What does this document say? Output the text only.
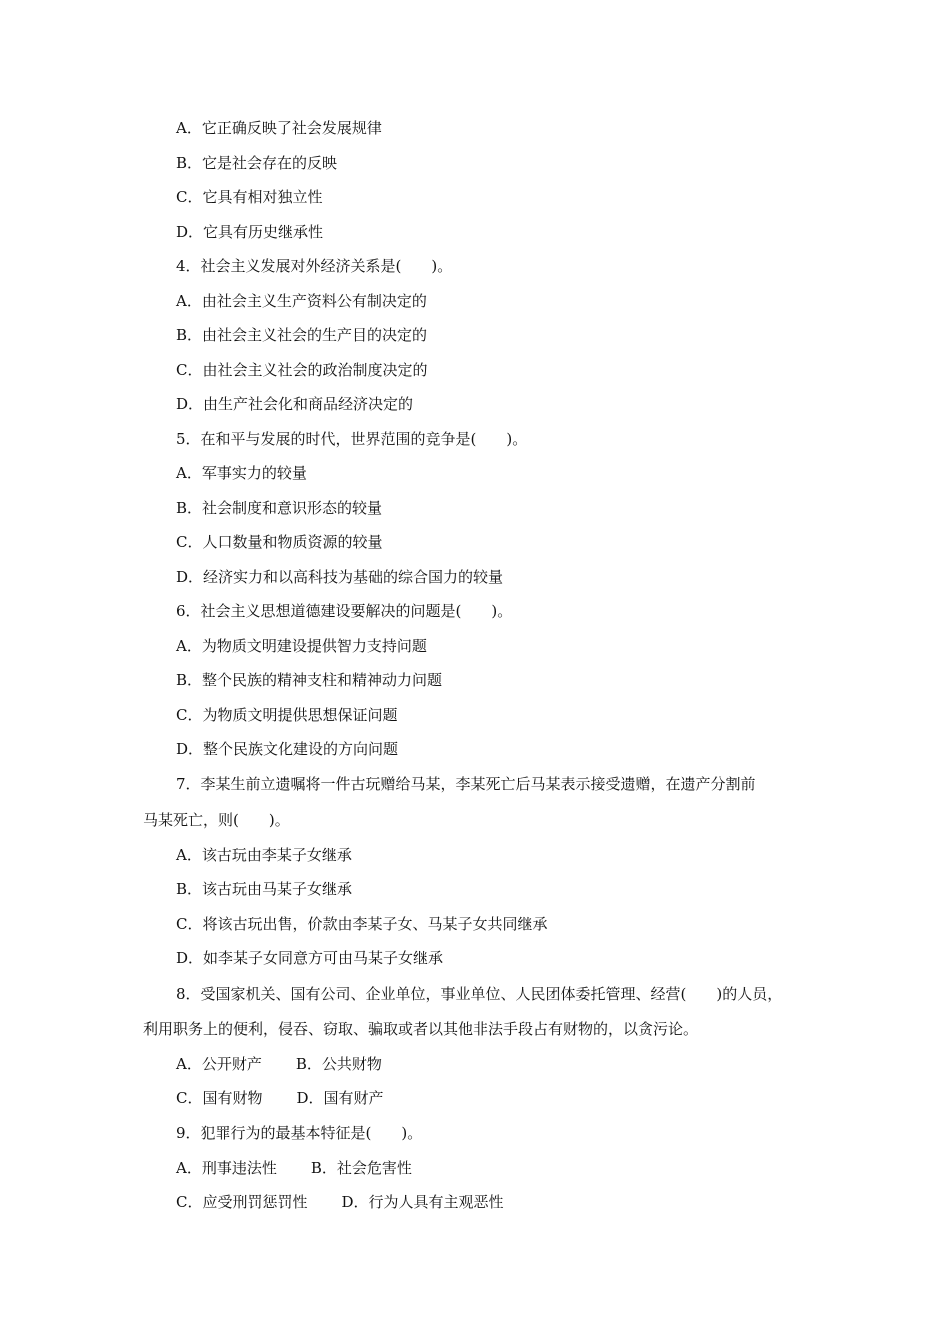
A．它正确反映了社会发展规律
B．它是社会存在的反映
C．它具有相对独立性
D．它具有历史继承性
4．社会主义发展对外经济关系是(　　)。
A．由社会主义生产资料公有制决定的
B．由社会主义社会的生产目的决定的
C．由社会主义社会的政治制度决定的
D．由生产社会化和商品经济决定的
5．在和平与发展的时代，世界范围的竞争是(　　)。
A．军事实力的较量
B．社会制度和意识形态的较量
C．人口数量和物质资源的较量
D．经济实力和以高科技为基础的综合国力的较量
6．社会主义思想道德建设要解决的问题是(　　)。
A．为物质文明建设提供智力支持问题
B．整个民族的精神支柱和精神动力问题
C．为物质文明提供思想保证问题
D．整个民族文化建设的方向问题
7．李某生前立遗嘱将一件古玩赠给马某，李某死亡后马某表示接受遗赠，在遗产分割前
马某死亡，则(　　)。
A．该古玩由李某子女继承
B．该古玩由马某子女继承
C．将该古玩出售，价款由李某子女、马某子女共同继承
D．如李某子女同意方可由马某子女继承
8．受国家机关、国有公司、企业单位，事业单位、人民团体委托管理、经营(　　)的人员，
利用职务上的便利，侵吞、窃取、骗取或者以其他非法手段占有财物的，以贪污论。
A．公开财产 B．公共财物
C．国有财物 D．国有财产
9．犯罪行为的最基本特征是(　　)。
A．刑事违法性 B．社会危害性
C．应受刑罚惩罚性 D．行为人具有主观恶性
